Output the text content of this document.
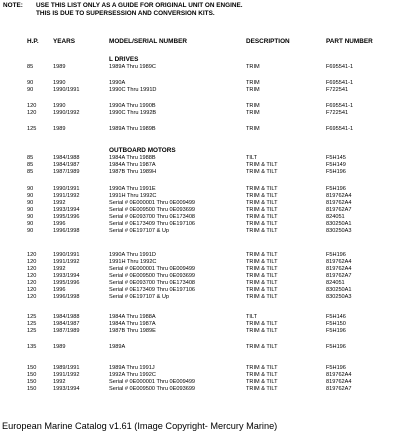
NOTE: USE THIS LIST ONLY AS A GUIDE FOR ORIGINAL UNIT ON ENGINE.
THIS IS DUE TO SUPERSESSION AND CONVERSION KITS.
H.P. YEARS	MODEL/SERIAL NUMBER	DESCRIPTION	PART NUMBER
L DRIVES
OUTBOARD MOTORS
85	1989	1989A Thru 1989C	TRIM	F695541-1
90	1990	1990A	TRIM	F695541-1
90	1990/1991	1990C Thru 1991D	TRIM	F722541
120	1990	1990A Thru 1990B	TRIM	F695541-1
120	1990/1992	1990C Thru 1992B	TRIM	F722541
125	1989	1989A Thru 1989B	TRIM	F695541-1
85	1984/1988	1984A Thru 1988B	TILT	F5H145
85	1984/1987	1984A Thru 1987A	TRIM & TILT	F5H149
85	1987/1989	1987B Thru 1989H	TRIM & TILT	F5H196
90	1990/1991	1990A Thru 1991E	TRIM & TILT	F5H196
90	1991/1992	1991H Thru 1992C	TRIM & TILT	819762A4
90	1992	Serial # 0E000001 Thru 0E009499	TRIM & TILT	819762A4
90	1993/1994	Serial # 0E009500 Thru 0E093699	TRIM & TILT	819762A7
90	1995/1996	Serial # 0E093700 Thru 0E173408	TRIM & TILT	824051
90	1996	Serial # 0E173409 Thru 0E197106	TRIM & TILT	830250A1
90	1996/1998	Serial # 0E197107 & Up	TRIM & TILT	830250A3
120	1990/1991	1990A Thru 1991D	TRIM & TILT	F5H196
120	1991/1992	1991H Thru 1992C	TRIM & TILT	819762A4
120	1992	Serial # 0E000001 Thru 0E009499	TRIM & TILT	819762A4
120	1993/1994	Serial # 0E009500 Thru 0E093699	TRIM & TILT	819762A7
120	1995/1996	Serial # 0E093700 Thru 0E173408	TRIM & TILT	824051
120	1996	Serial # 0E173409 Thru 0E197106	TRIM & TILT	830250A1
120	1996/1998	Serial # 0E197107 & Up	TRIM & TILT	830250A3
125	1984/1988	1984A Thru 1988A	TILT	F5H146
125	1984/1987	1984A Thru 1987A	TRIM & TILT	F5H150
125	1987/1989	1987B Thru 1989E	TRIM & TILT	F5H196
135	1989	1989A	TRIM & TILT	F5H196
150	1989/1991	1989A Thru 1991J	TRIM & TILT	F5H196
150	1991/1992	1992A Thru 1992C	TRIM & TILT	819762A4
150	1992	Serial # 0E000001 Thru 0E009499	TRIM & TILT	819762A4
150	1993/1994	Serial # 0E009500 Thru 0E093699	TRIM & TILT	819762A7
European Marine Catalog v1.61 (Image Copyright- Mercury Marine)
